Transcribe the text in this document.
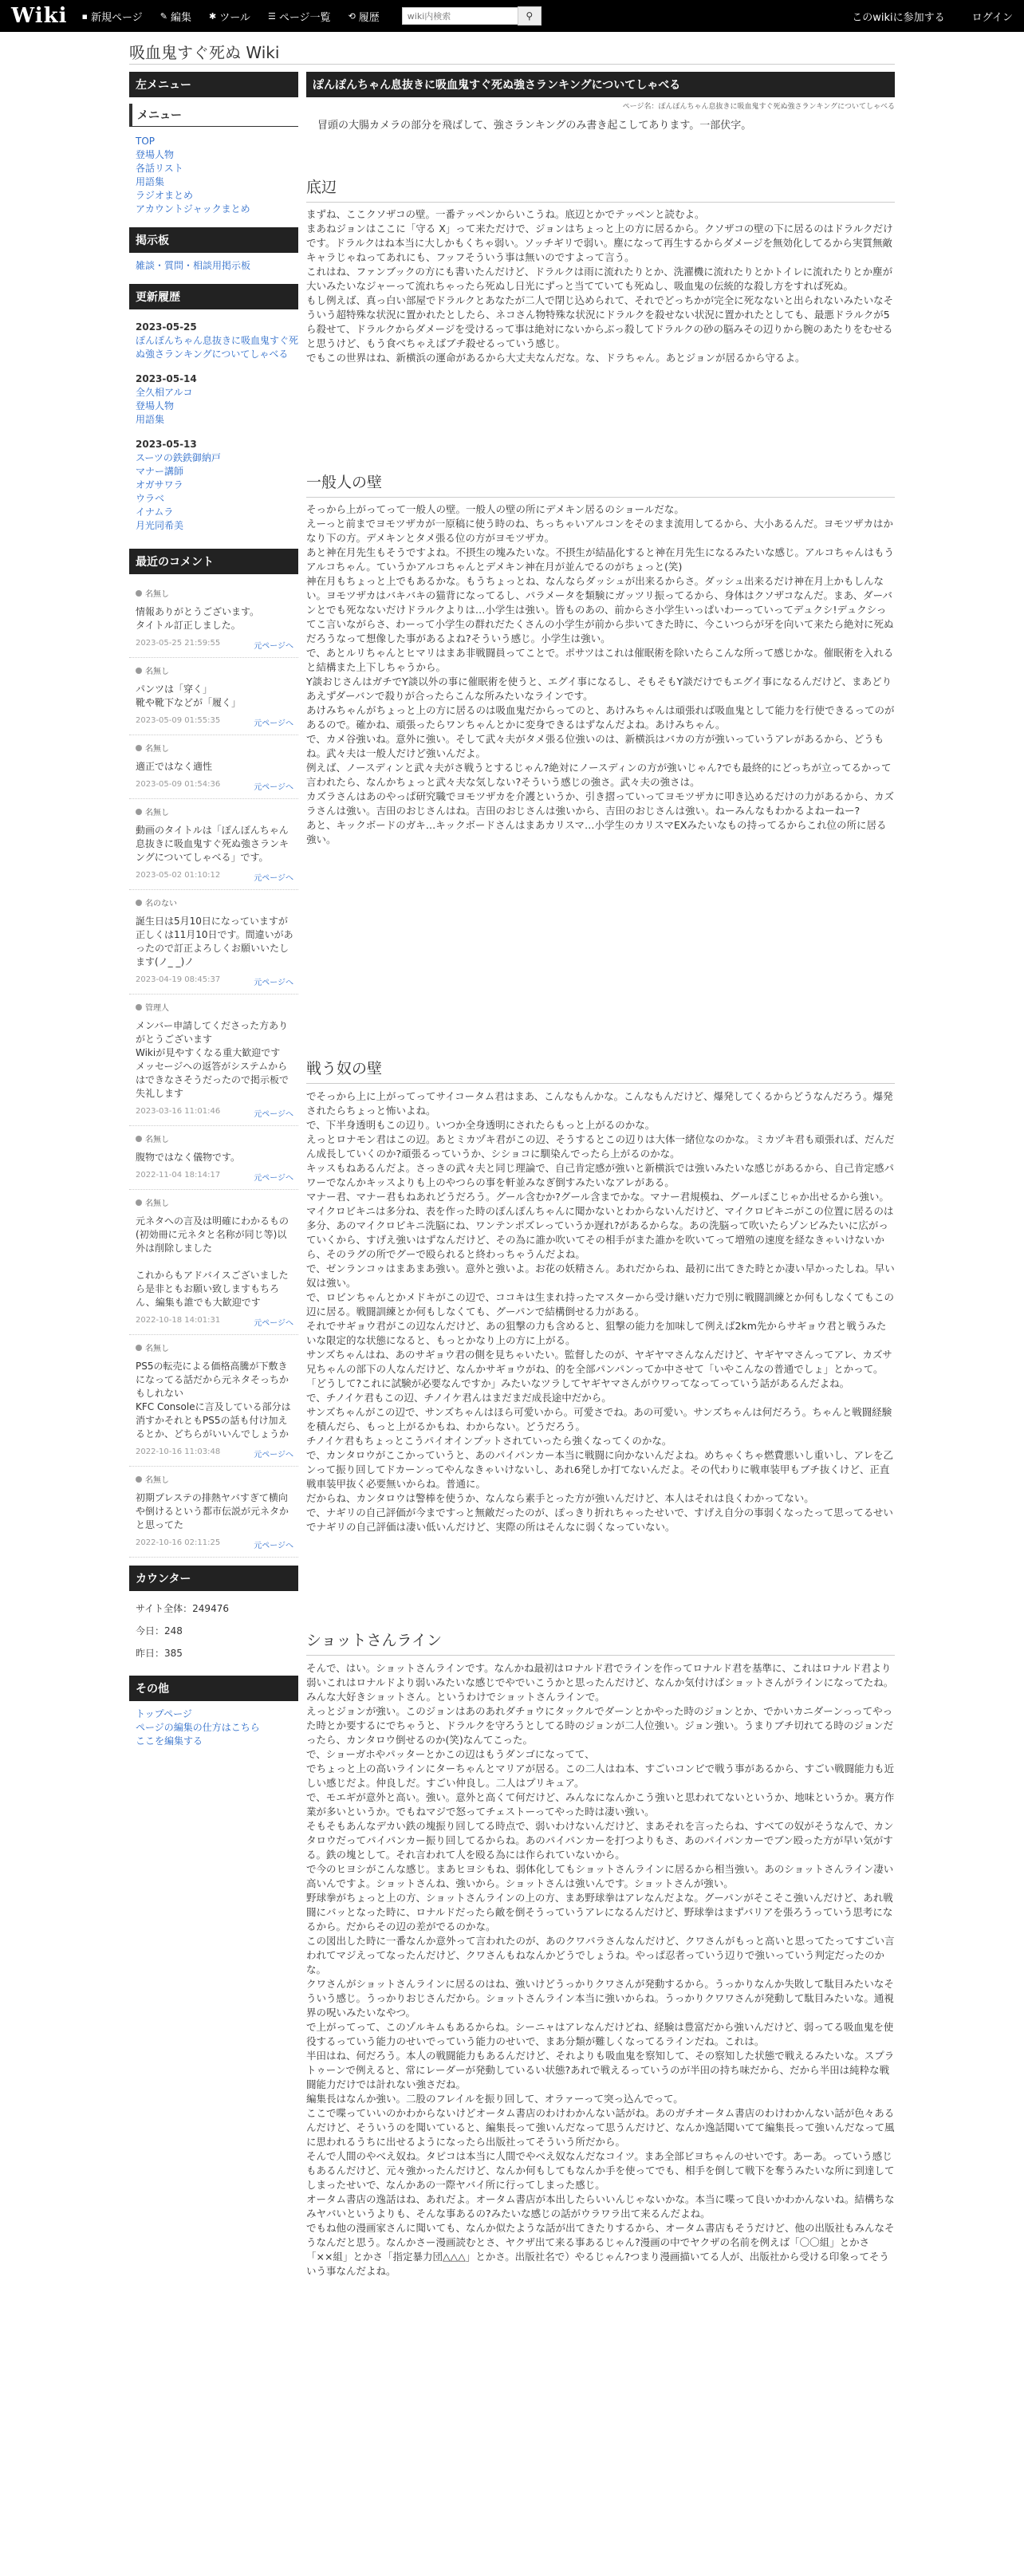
Wiki ▪ 新規ページ ✎ 編集 ✱ ツール ☰ ページ一覧 ⟲ 履歴
wiki内検索	⚲	このwikiに参加する	ログイン
吸血鬼すぐ死ぬ Wiki
左メニュー
メニュー
TOP
登場人物
各話リスト
用語集
ラジオまとめ
アカウントジャックまとめ
掲示板
雑談・質問・相談用掲示板
更新履歴
2023-05-25
ぽんぽんちゃん息抜きに吸血鬼すぐ死ぬ強さランキングについてしゃべる
2023-05-14
全久相アルコ
登場人物
用語集
2023-05-13
スーツの鉄鉄御納戸
マナー講師
オガサワラ
ウラベ
イナムラ
月光同希美
最近のコメント
名無し
情報ありがとうございます。
タイトル訂正しました。
2023-05-25 21:59:55	元ページへ
名無し
パンツは「穿く」
靴や靴下などが「履く」
2023-05-09 01:55:35	元ページへ
名無し
適正ではなく適性
2023-05-09 01:54:36	元ページへ
名無し
動画のタイトルは「ぽんぽんちゃん息抜きに吸血鬼すぐ死ぬ強さランキングについてしゃべる」です。
2023-05-02 01:10:12	元ページへ
名のない
誕生日は5月10日になっていますが正しくは11月10日です。間違いがあったので訂正よろしくお願いいたします(ノ_ _)ノ
2023-04-19 08:45:37	元ページへ
管理人
メンバー申請してくださった方ありがとうございます
Wikiが見やすくなる重大歓迎です
メッセージへの返答がシステムからはできなさそうだったので掲示板で失礼します
2023-03-16 11:01:46	元ページへ
名無し
腹物ではなく儀物です。
2022-11-04 18:14:17	元ページへ
名無し
元ネタへの言及は明確にわかるもの(初効冊に元ネタと名称が同じ等)以外は削除しました

これからもアドバイスございましたら是非ともお願い致しますもちろん、編集も誰でも大歓迎です
2022-10-18 14:01:31	元ページへ
名無し
PS5の転売による価格高騰が下敷きになってる話だから元ネタそっちかもしれない
KFC Consoleに言及している部分は消すかそれともPS5の話も付け加えるとか、どちらがいいんでしょうか
2022-10-16 11:03:48	元ページへ
名無し
初期プレステの排熱ヤバすぎて横向や倒けるという都市伝説が元ネタかと思ってた
2022-10-16 02:11:25	元ページへ
カウンター
サイト全体：249476
今日：248
昨日：385
その他
トップページ
ページの編集の仕方はこちら
ここを編集する
ぽんぽんちゃん息抜きに吸血鬼すぐ死ぬ強さランキングについてしゃべる
ページ名：ぽんぽんちゃん息抜きに吸血鬼すぐ死ぬ強さランキングについてしゃべる
冒頭の大腸カメラの部分を飛ばして、強さランキングのみ書き起こしてあります。一部伏字。
底辺

まずね、ここクソザコの壁。一番テッペンからいこうね。底辺とかでテッペンと読むよ。

まあねジョンはここに「守る X」って来ただけで、ジョンはちょっと上の方に居るから。クソザコの壁の下に居るのはドラルクだけです。ドラルクはね本当に大しかもくちゃ弱い。ソッチギリで弱い。塵になって再生するからダメージを無効化してるから実質無敵キャラじゃねってあれにも、フッフそういう事は無いのですよって言う。

これはね、ファンブックの方にも書いたんだけど、ドラルクは雨に流れたりとか、洗濯機に流れたりとかトイレに流れたりとか塵が大いみたいなジャーって流れちゃったら死ぬし日光にずっと当てていても死ぬし、吸血鬼の伝統的な殺し方をすれば死ぬ。

もし例えば、真っ白い部屋でドラルクとあなたが二人で閉じ込められて、それでどっちかが完全に死なないと出られないみたいなそういう超特殊な状況に置かれたとしたら、ネコさん物特殊な状況にドラルクを殺せない状況に置かれたとしても、最悪ドラルクが5ら殺せて、ドラルクからダメージを受けるって事は絶対にないからぶっ殺してドラルクの砂の脳みその辺りから腕のあたりをむせると思うけど、もう食べちゃえばブチ殺せるっていう感じ。

でもこの世界はね、新横浜の運命があるから大丈夫なんだな。な、ドラちゃん。あとジョンが居るから守るよ。

一般人の壁

そっから上がってって一般人の壁。一般人の壁の所にデメキン居るのショールだな。

えーっと前までヨモツザカが一原稿に使う時のね、ちっちゃいアルコンをそのまま流用してるから、大小あるんだ。ヨモツザカはかなり下の方。デメキンとタメ張る位の方がヨモツザカ。

あと神在月先生もそうですよね。不摂生の塊みたいな。不摂生が結晶化すると神在月先生になるみたいな感じ。アルコちゃんはもうアルコちゃん。ていうかアルコちゃんとデメキン神在月が並んでるのがちょっと(笑)

神在月もちょっと上でもあるかな。もうちょっとね、なんならダッシュが出来るからさ。ダッシュ出来るだけ神在月上かもしんない。ヨモツザカはバキバキの猫背になってるし、パラメータを類験にガッツリ振ってるから、身体はクソザコなんだ。まあ、ダーバンとでも死なないだけドラルクよりは…小学生は強い。皆ものあの、前からさ小学生いっぱいわーっていってデュクシ!デュクシってこ言いながらさ、わーって小学生の群れだたくさんの小学生が前から歩いてきた時に、今こいつらが牙を向いて来たら絶対に死ぬだろうなって想像した事があるよね?そういう感じ。小学生は強い。

で、あとルリちゃんとヒマリはまあ非戦闘員ってことで。ポサツはこれは催眠術を除いたらこんな所って感じかな。催眠術を入れると結構また上下しちゃうから。

Y談おじさんはガチでY談以外の事に催眠術を使うと、エグイ事になるし、そもそもY談だけでもエグイ事になるんだけど、まあどりあえずダーバンで殺りが合ったらこんな所みたいなラインです。

あけみちゃんがちょっと上の方に居るのは吸血鬼だからってのと、あけみちゃんは頑張れば吸血鬼として能力を行使できるってのがあるので。確かね、頑張ったらワンちゃんとかに変身できるはずなんだよね。あけみちゃん。

で、カメ谷強いね。意外に強い。そして武々夫がタメ張る位強いのは、新横浜はバカの方が強いっていうアレがあるから、どうもね。武々夫は一般人だけど強いんだよ。

例えば、ノースディンと武々夫がさ戦うとするじゃん?絶対にノースディンの方が強いじゃん?でも最終的にどっちが立ってるかって言われたら、なんかちょっと武々夫な気しない?そういう感じの強さ。武々夫の強さは。

カズラさんはあのやっぱ研究職でヨモツザカを介護というか、引き摺っていってヨモツザカに叩き込めるだけの力があるから、カズラさんは強い。吉田のおじさんはね。吉田のおじさんは強いから、吉田のおじさんは強い。ねーみんなもわかるよねーねー?

あと、キックボードのガキ…キックボードさんはまあカリスマ…小学生のカリスマEXみたいなもの持ってるからこれ位の所に居る強い。

戦う奴の壁

でそっから上に上がってってサイコータム君はまあ、こんなもんかな。こんなもんだけど、爆発してくるからどうなんだろう。爆発されたらちょっと怖いよね。

で、下半身透明もこの辺り。いつか全身透明にされたらもっと上がるのかな。

えっとロナモン君はこの辺。あとミカヅキ君がこの辺、そうするとこの辺りは大体一緒位なのかな。ミカヅキ君も頑張れば、だんだん成長していくのか?頑張るっていうか、シショコに馴染んでったら上がるのかな。

キッスもねあるんだよ。さっきの武々夫と同じ理論で、自己肯定感が強いと新横浜では強いみたいな感じがあるから、自己肯定感パワーでなんかキッスよりも上のやつらの事を軒並みなぎ倒すみたいなアレがある。

マナー君、マナー君もねあれどうだろう。グール含むか?グール含までかな。マナー君規模ね、グールぽこじゃか出せるから強い。

マイクロビキニは多分ね、表を作った時のぽんぽんちゃんに聞かないとわからないんだけど、マイクロビキニがこの位置に居るのは多分、あのマイクロビキニ洗脳にね、ワンテンポズレっていうか遅れ?があるからな。あの洗脳って吹いたらゾンビみたいに広がっていくから、すげえ強いはずなんだけど、その為に誰か吹いてその相手がまた誰かを吹いてって増殖の速度を経なきゃいけないから、そのラグの所でグーで殴られると終わっちゃうんだよね。

で、ゼンランコゥはまあまあ強い。意外と強いよ。お花の妖精さん。あれだからね、最初に出てきた時とか凄い早かったしね。早い奴は強い。

で、ロビンちゃんとかメドキがこの辺で、ココキは生まれ持ったマスターから受け継いだ力で別に戦闘訓練とか何もしなくてもこの辺に居る。戦闘訓練とか何もしなくても、グーパンで結構倒せる力がある。

それでサギョウ君がこの辺なんだけど、あの狙撃の力も含めると、狙撃の能力を加味して例えば2km先からサギョウ君と戦うみたいな限定的な状態になると、もっとかなり上の方に上がる。

サンズちゃんはね、あのサギョウ君の側を見ちゃいたい。監督したのが、ヤギヤマさんなんだけど、ヤギヤマさんってアレ、カズサ兄ちゃんの部下の人なんだけど、なんかサギョウがね、的を全部パンパンってか中させて「いやこんなの普通でしょ」とかって。「どうして?これに試験が必要なんですか」みたいなツラしてヤギヤマさんがウワってなってっていう話があるんだよね。

で、チノイケ君もこの辺、チノイケ君んはまだまだ成長途中だから。

サンズちゃんがこの辺で、サンズちゃんはほら可愛いから。可愛さでね。あの可愛い。サンズちゃんは何だろう。ちゃんと戦闘経験を積んだら、もっと上がるかもね、わからない。どうだろう。

チノイケ君もちょっとこうパイオインプットされていったら強くなってくのかな。

で、カンタロウがここかっていうと、あのパイパンカー本当に戦闘に向かないんだよね。めちゃくちゃ燃費悪いし重いし、アレを乙ンって振り回してドカーンってやんなきゃいけないし、あれ6発しか打てないんだよ。その代わりに戦車装甲もブチ抜くけど、正直戦車装甲抜く必要無いからね。普通に。

だからね、カンタロウは警棒を使うか、なんなら素手とった方が強いんだけど、本人はそれは良くわかってない。

で、ナギリの自己評価が今まですっと無敵だったのが、ぽっきり折れちゃったせいで、すげえ自分の事弱くなったって思ってるせいでナギリの自己評価は凄い低いんだけど、実際の所はそんなに弱くなっていない。

ショットさんライン

そんで、はい。ショットさんラインです。なんかね最初はロナルド君でラインを作ってロナルド君を基準に、これはロナルド君より弱いこれはロナルドより弱いみたいな感じでやでいこうかと思ったんだけど、なんか気付けばショットさんがラインになってたね。みんな大好きショットさん。というわけでショットさんラインで。

えっとジョンが強い。このジョンはあのあれダチョウにタックルでダーンとかやった時のジョンとか、でかいカニダーンっってやった時とか要するにでちゃうと、ドラルクを守ろうとしてる時のジョンが二人位強い。ジョン強い。うまりブチ切れてる時のジョンだったら、カンタロウ倒せるのか(笑)なんてこった。

で、ショーガホやパッターとかこの辺はもうダンゴになってて、

でちょっと上の高いラインにターちゃんとマリアが居る。この二人はね本、すごいコンビで戦う事があるから、すごい戦闘能力も近しい感じだよ。仲良しだ。すごい仲良し。二人はプリキュア。

で、モエギが意外と高い。強い。意外と高くて何だけど、みんなになんかこう強いと思われてないというか、地味というか。裏方作業が多いというか。でもねマジで怒ってチェストーってやった時は凄い強い。

そもそもあんなデカい鉄の塊振り回してる時点で、弱いわけないんだけど、まあそれを言ったらね、すべての奴がそうなんで、カンタロウだってパイパンカー振り回してるからね。あのパイパンカーを打つよりもさ、あのパイパンカーでブン殴った方が早い気がする。鉄の塊として。それ言われて人を殴る為には作られていないから。

で今のヒヨシがこんな感じ。まあヒヨシもね、弱体化してもショットさんラインに居るから相当強い。あのショットさんライン凄い高いんですよ。ショットさんね、強いから。ショットさんは強いんです。ショットさんが強い。

野球拳がちょっと上の方、ショットさんラインの上の方、まあ野球拳はアレなんだよな。グーパンがそこそこ強いんだけど、あれ戦闘にバッとなった時に、ロナルドだったら敵を倒そうっていうアレになるんだけど、野球拳はまずバリアを張ろうっていう思考になるから。だからその辺の差がでるのかな。

この図出した時に一番なんか意外って言われたのが、あのクワバラさんなんだけど、クワさんがもっと高いと思ってたってすごい言われてマジえってなったんだけど、クワさんもねなんかどうでしょうね。やっぱ忍者っていう辺りで強いっていう判定だったのかな。

クワさんがショットさんラインに居るのはね、強いけどうっかりクワさんが発動するから。うっかりなんか失敗して駄目みたいなそういう感じ。うっかりおじさんだから。ショットさんライン本当に強いからね。うっかりクワワさんが発動して駄目みたいな。通視界の呪いみたいなやつ。

で上がってって、このゾルキムもあるからね。シーニャはアレなんだけどね、経験は豊富だから強いんだけど、弱ってる吸血鬼を使役するっていう能力のせいでっていう能力のせいで、まあ分類が難しくなってるラインだね。これは。

半田はね、何だろう。本人の戦闘能力もあるんだけど、それよりも吸血鬼を察知して、その察知した状態で戦えるみたいな。スプラトゥーンで例えると、常にレーダーが発動しているい状態?あれで戦えるっていうのが半田の持ち味だから、だから半田は純粋な戦闘能力だけでは計れない強さだね。

編集長はなんか強い。二股のフレイルを振り回して、オラァーって突っ込んでって。

ここで喋っていいのかわからないけどオータム書店のわけわかんない話がね。あのガチオータム書店のわけわかんない話が色々あるんだけど、そういうのを聞いていると、編集長って強いんだなって思うんだけど、なんか逸話聞いてて編集長って強いんだなって風に思われるうちに出せるようになったら出版社ってそういう所だから。

そんで人間のやべえ奴ね。タピコは本当に人間でやべえ奴なんだなコイツ。まあ全部ビヨちゃんのせいです。あーあ。っていう感じもあるんだけど、元々強かったんだけど、なんか何もしてもなんか手を使ってでも、相手を倒して戦下を奪うみたいな所に到達してしまったせいで、なんかあの一際ヤバイ所に行ってしまった感じ。

オータム書店の逸話はね、あれだよ。オータム書店が本出したらいいんじゃないかな。本当に喋って良いかわかんないね。結構ちなみヤバいというよりも、そんな事あるの?みたいな感じの話がウラワラ出て来るんだよね。

でもね他の漫画家さんに聞いても、なんか似たような話が出てきたりするから、オータム書店もそうだけど、他の出版社もみんなそうなんだと思う。なんかさー漫画読むとさ、ヤクザ出て来る事あるじゃん?漫画の中でヤクザの名前を例えば「〇〇組」とかさ「××組」とかさ「指定暴力団△△△」とかさ。出版社名で）やるじゃん?つまり漫画描いてる人が、出版社から受ける印象ってそういう事なんだよね。
